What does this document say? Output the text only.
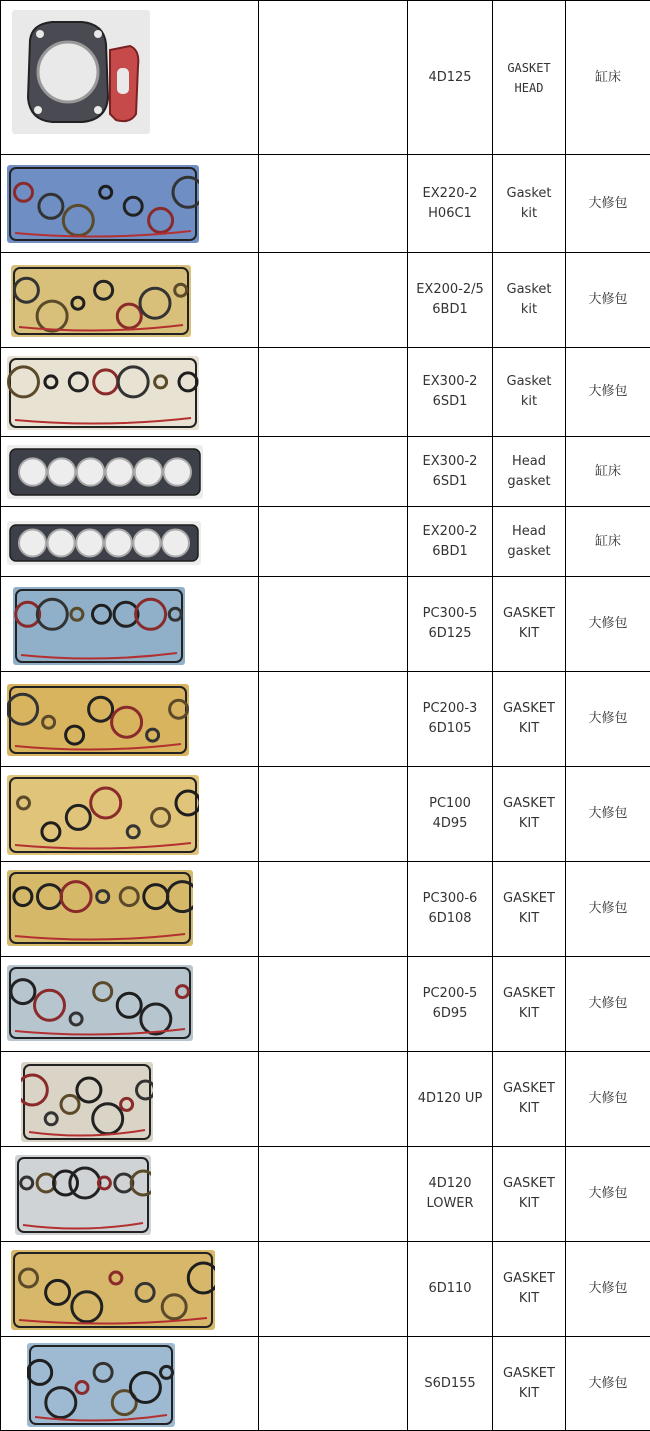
4D125	GASKET
HEAD	缸床

EX220-2
H06C1	Gasket
kit	大修包

EX200-2/5
6BD1	Gasket
kit	大修包

EX300-2
6SD1	Gasket
kit	大修包

EX300-2
6SD1	Head
gasket	缸床

EX200-2
6BD1	Head
gasket	缸床

PC300-5
6D125	GASKET
KIT	大修包

PC200-3
6D105	GASKET
KIT	大修包

PC100
4D95	GASKET
KIT	大修包

PC300-6
6D108	GASKET
KIT	大修包

PC200-5
6D95	GASKET
KIT	大修包

4D120 UP	GASKET
KIT	大修包

4D120
LOWER	GASKET
KIT	大修包

6D110	GASKET
KIT	大修包

S6D155	GASKET
KIT	大修包
